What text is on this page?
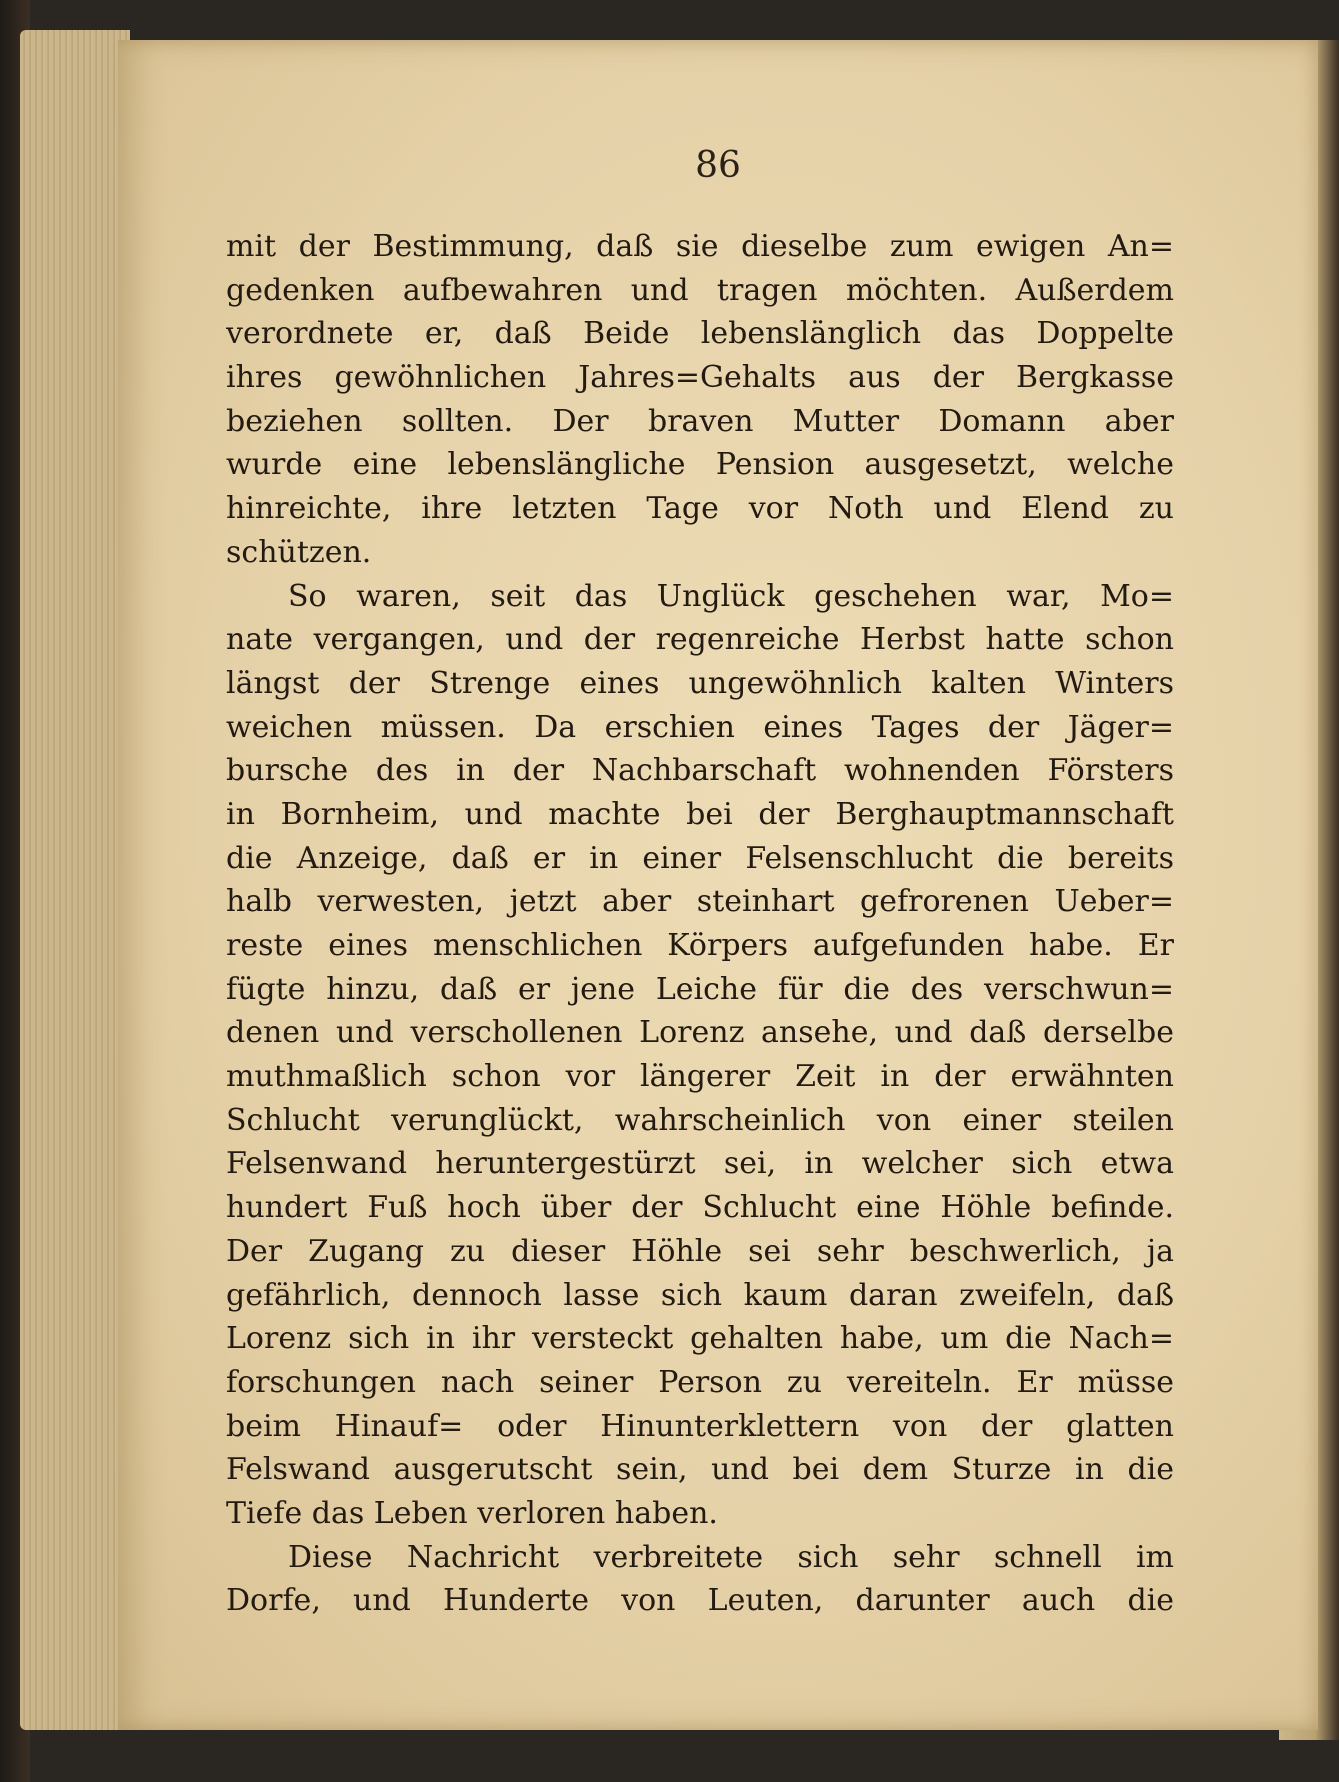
86
mit der Bestimmung, daß sie dieselbe zum ewigen An=
gedenken aufbewahren und tragen möchten. Außerdem
verordnete er, daß Beide lebenslänglich das Doppelte
ihres gewöhnlichen Jahres=Gehalts aus der Bergkasse
beziehen sollten. Der braven Mutter Domann aber
wurde eine lebenslängliche Pension ausgesetzt, welche
hinreichte, ihre letzten Tage vor Noth und Elend zu
schützen.
So waren, seit das Unglück geschehen war, Mo=
nate vergangen, und der regenreiche Herbst hatte schon
längst der Strenge eines ungewöhnlich kalten Winters
weichen müssen. Da erschien eines Tages der Jäger=
bursche des in der Nachbarschaft wohnenden Försters
in Bornheim, und machte bei der Berghauptmannschaft
die Anzeige, daß er in einer Felsenschlucht die bereits
halb verwesten, jetzt aber steinhart gefrorenen Ueber=
reste eines menschlichen Körpers aufgefunden habe. Er
fügte hinzu, daß er jene Leiche für die des verschwun=
denen und verschollenen Lorenz ansehe, und daß derselbe
muthmaßlich schon vor längerer Zeit in der erwähnten
Schlucht verunglückt, wahrscheinlich von einer steilen
Felsenwand heruntergestürzt sei, in welcher sich etwa
hundert Fuß hoch über der Schlucht eine Höhle befinde.
Der Zugang zu dieser Höhle sei sehr beschwerlich, ja
gefährlich, dennoch lasse sich kaum daran zweifeln, daß
Lorenz sich in ihr versteckt gehalten habe, um die Nach=
forschungen nach seiner Person zu vereiteln. Er müsse
beim Hinauf= oder Hinunterklettern von der glatten
Felswand ausgerutscht sein, und bei dem Sturze in die
Tiefe das Leben verloren haben.
Diese Nachricht verbreitete sich sehr schnell im
Dorfe, und Hunderte von Leuten, darunter auch die
